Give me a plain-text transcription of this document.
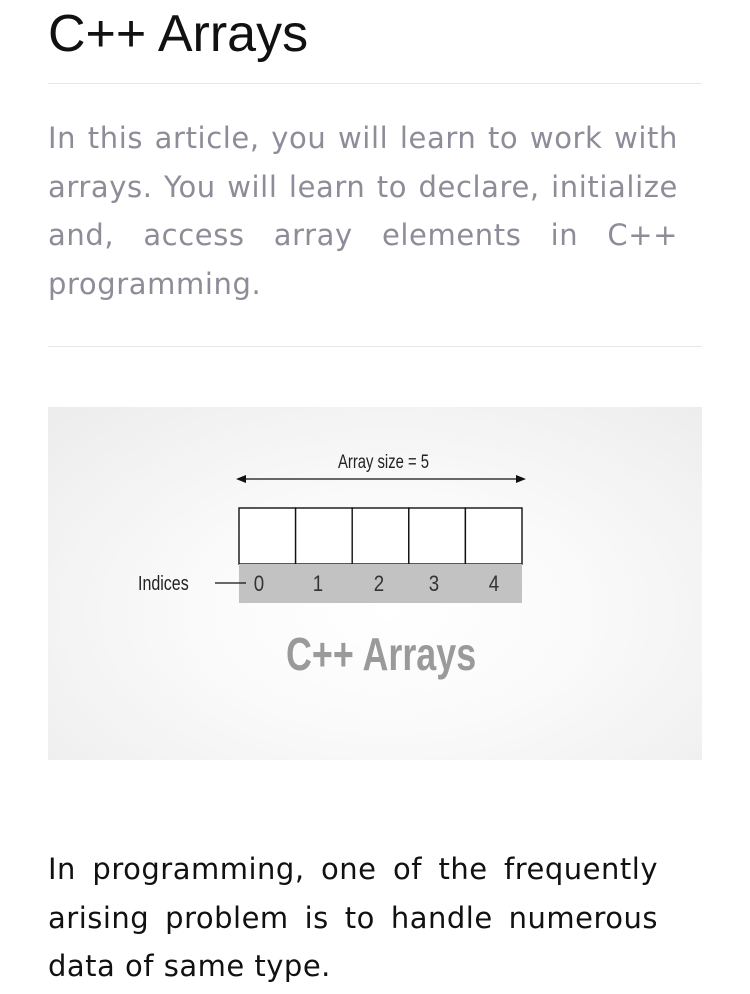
C++ Arrays

In this article, you will learn to work with arrays. You will learn to declare, initialize and, access array elements in C++ programming.

Array size = 5
Indices	0	1	2	3	4
C++ Arrays

In programming, one of the frequently arising problem is to handle numerous data of same type.
